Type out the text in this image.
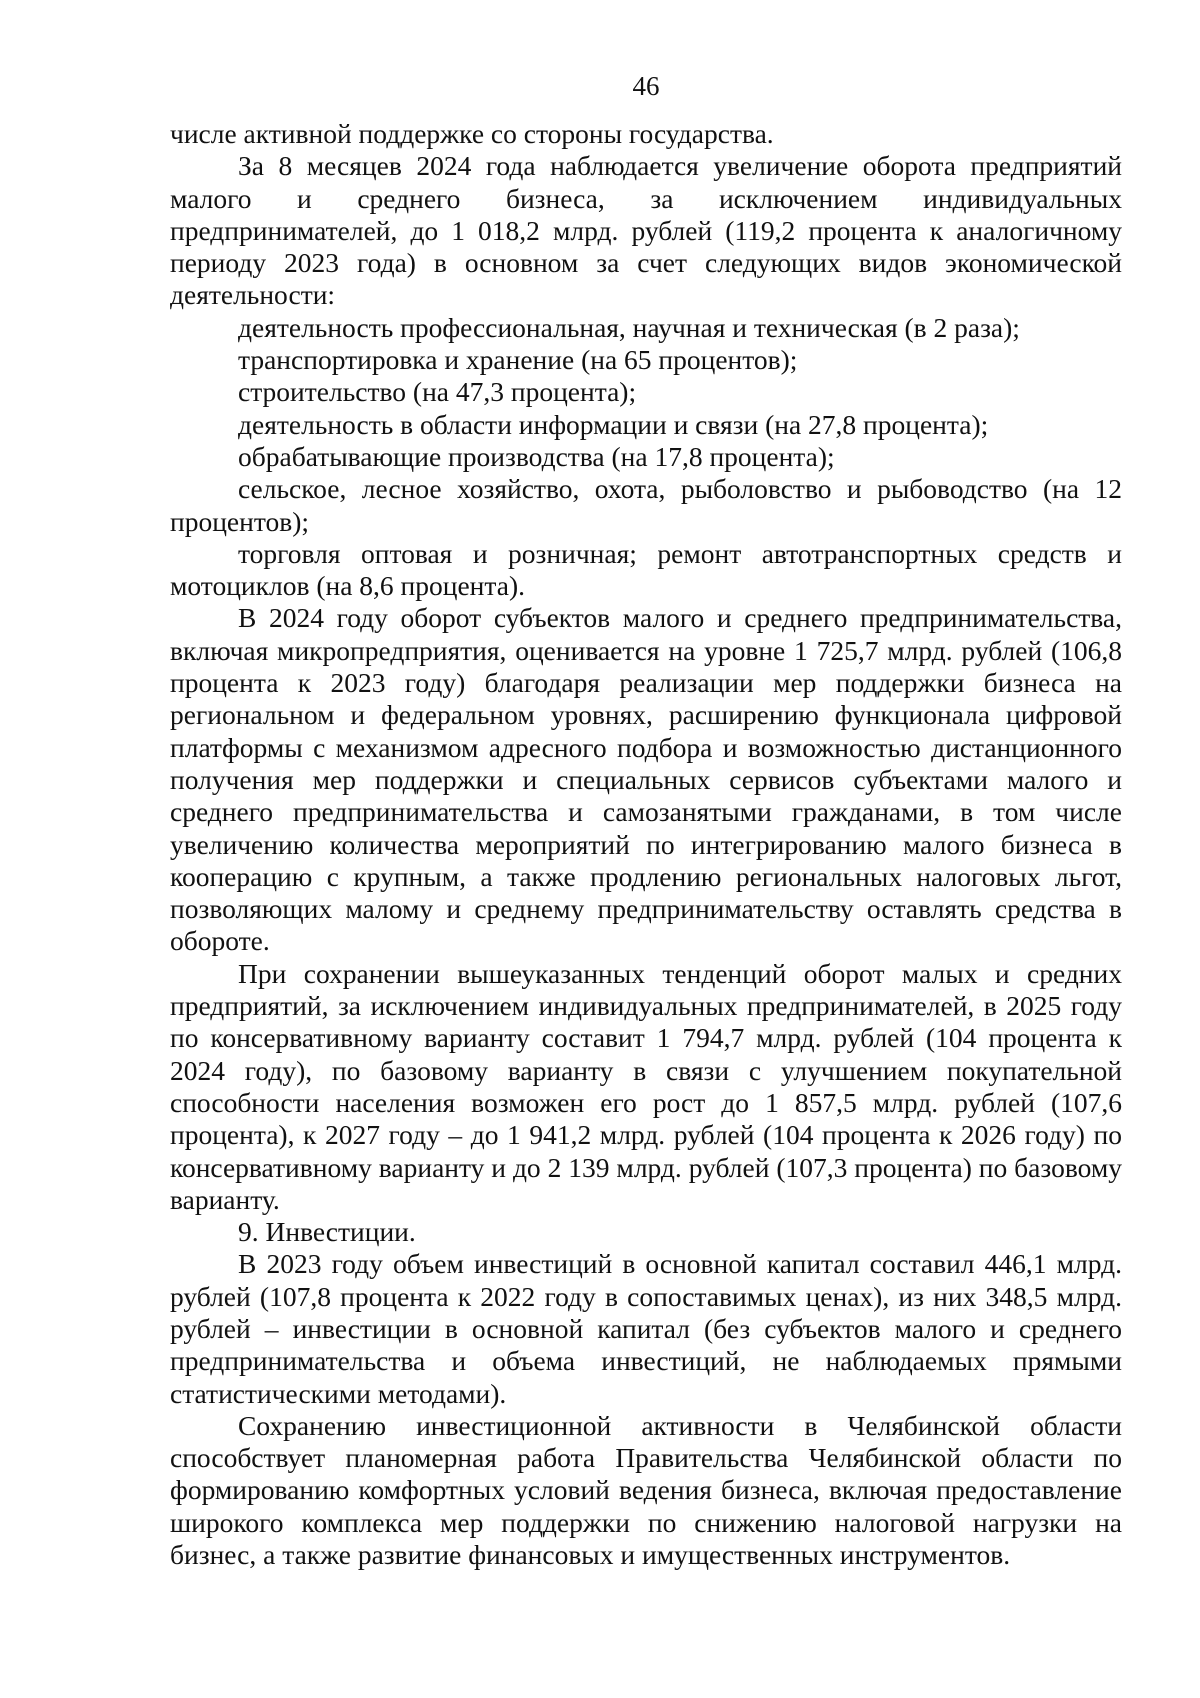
46

числе активной поддержке со стороны государства.

За 8 месяцев 2024 года наблюдается увеличение оборота предприятий малого и среднего бизнеса, за исключением индивидуальных предпринимателей, до 1 018,2 млрд. рублей (119,2 процента к аналогичному периоду 2023 года) в основном за счет следующих видов экономической деятельности:

деятельность профессиональная, научная и техническая (в 2 раза);

транспортировка и хранение (на 65 процентов);

строительство (на 47,3 процента);

деятельность в области информации и связи (на 27,8 процента);

обрабатывающие производства (на 17,8 процента);

сельское, лесное хозяйство, охота, рыболовство и рыбоводство (на 12 процентов);

торговля оптовая и розничная; ремонт автотранспортных средств и мотоциклов (на 8,6 процента).

В 2024 году оборот субъектов малого и среднего предпринимательства, включая микропредприятия, оценивается на уровне 1 725,7 млрд. рублей (106,8 процента к 2023 году) благодаря реализации мер поддержки бизнеса на региональном и федеральном уровнях, расширению функционала цифровой платформы с механизмом адресного подбора и возможностью дистанционного получения мер поддержки и специальных сервисов субъектами малого и среднего предпринимательства и самозанятыми гражданами, в том числе увеличению количества мероприятий по интегрированию малого бизнеса в кооперацию с крупным, а также продлению региональных налоговых льгот, позволяющих малому и среднему предпринимательству оставлять средства в обороте.

При сохранении вышеуказанных тенденций оборот малых и средних предприятий, за исключением индивидуальных предпринимателей, в 2025 году по консервативному варианту составит 1 794,7 млрд. рублей (104 процента к 2024 году), по базовому варианту в связи с улучшением покупательной способности населения возможен его рост до 1 857,5 млрд. рублей (107,6 процента), к 2027 году – до 1 941,2 млрд. рублей (104 процента к 2026 году) по консервативному варианту и до 2 139 млрд. рублей (107,3 процента) по базовому варианту.

9. Инвестиции.

В 2023 году объем инвестиций в основной капитал составил 446,1 млрд. рублей (107,8 процента к 2022 году в сопоставимых ценах), из них 348,5 млрд. рублей – инвестиции в основной капитал (без субъектов малого и среднего предпринимательства и объема инвестиций, не наблюдаемых прямыми статистическими методами).

Сохранению инвестиционной активности в Челябинской области способствует планомерная работа Правительства Челябинской области по формированию комфортных условий ведения бизнеса, включая предоставление широкого комплекса мер поддержки по снижению налоговой нагрузки на бизнес, а также развитие финансовых и имущественных инструментов.
